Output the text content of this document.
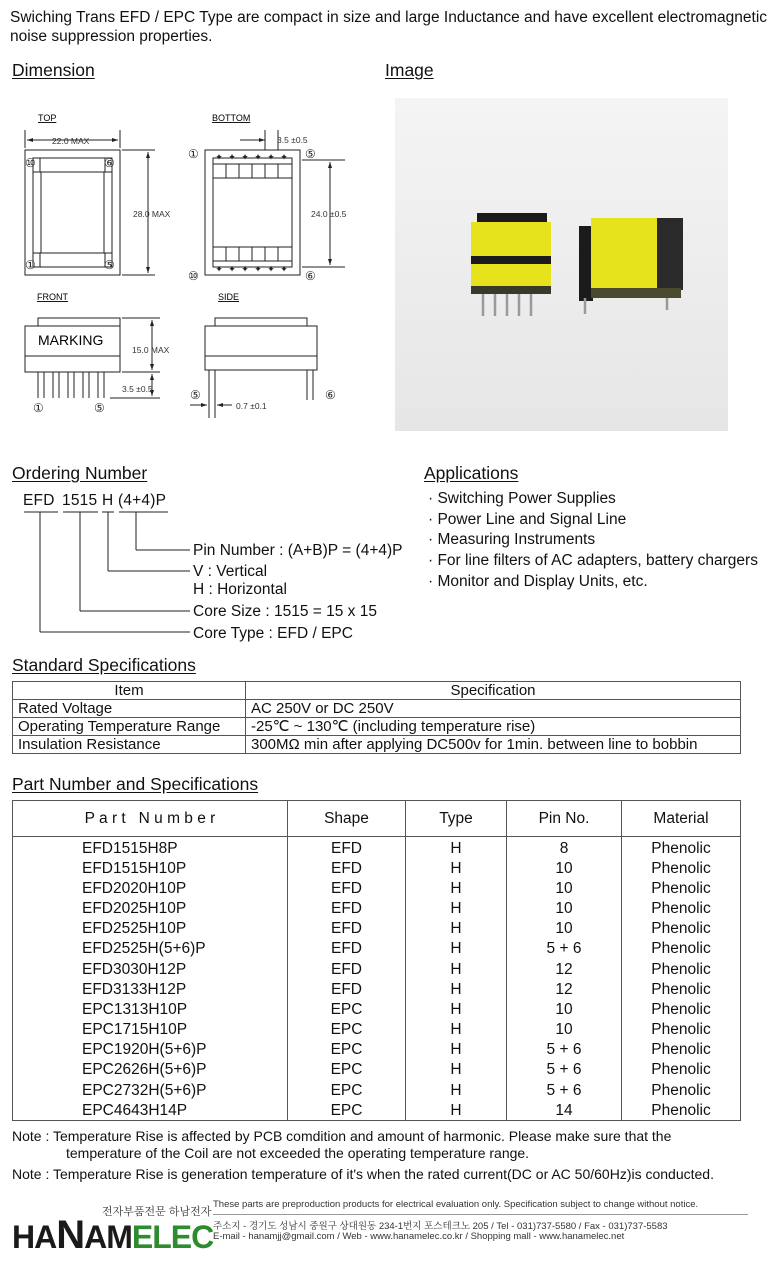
Swiching Trans EFD / EPC Type are compact in size and large Inductance and have excellent electromagnetic noise suppression properties.
Dimension	Image
✦ ✦ ✦ ✦ ✦ ✦
✦ ✦ ✦ ✦ ✦ ✦
TOP	BOTTOM
FRONT	SIDE
MARKING
22.0 MAX
28.0 MAX
3.5 ±0.5
24.0 ±0.5
15.0 MAX
3.5 ±0.5
0.7 ±0.1
⑩	⑥
①	⑤
①	⑤
⑩	⑥
①	⑤
⑤	⑥
Ordering Number
EFD 1515 H (4+4)P
Pin Number : (A+B)P = (4+4)P
V : Vertical
H : Horizontal
Core Size : 1515 = 15 x 15
Core Type : EFD / EPC
Applications
· Switching Power Supplies
· Power Line and Signal Line
· Measuring Instruments
· For line filters of AC adapters, battery chargers
· Monitor and Display Units, etc.
Standard Specifications
Item	Specification
Rated Voltage	AC 250V or DC 250V
Operating Temperature Range	-25℃ ~ 130℃ (including temperature rise)
Insulation Resistance	300MΩ min after applying DC500v for 1min. between line to bobbin
Part Number and Specifications
P a r t   N u m b e r	Shape	Type	Pin No.	Material
EFD1515H8P	EFD	H	8	Phenolic
EFD1515H10P	EFD	H	10	Phenolic
EFD2020H10P	EFD	H	10	Phenolic
EFD2025H10P	EFD	H	10	Phenolic
EFD2525H10P	EFD	H	10	Phenolic
EFD2525H(5+6)P	EFD	H	5 + 6	Phenolic
EFD3030H12P	EFD	H	12	Phenolic
EFD3133H12P	EFD	H	12	Phenolic
EPC1313H10P	EPC	H	10	Phenolic
EPC1715H10P	EPC	H	10	Phenolic
EPC1920H(5+6)P	EPC	H	5 + 6	Phenolic
EPC2626H(5+6)P	EPC	H	5 + 6	Phenolic
EPC2732H(5+6)P	EPC	H	5 + 6	Phenolic
EPC4643H14P	EPC	H	14	Phenolic
Note : Temperature Rise is affected by PCB comdition and amount of harmonic. Please make sure that the
temperature of the Coil are not exceeded the operating temperature range.
Note : Temperature Rise is generation temperature of it's when the rated current(DC or AC 50/60Hz)is conducted.
전자부품전문 하남전자
HANAMELEC
These parts are preproduction products for electrical evaluation only. Specification subject to change without notice.
주소지 - 경기도 성남시 중원구 상대원동 234-1번지 포스테크노 205 / Tel - 031)737-5580 / Fax - 031)737-5583
E-mail - hanamjj@gmail.com / Web - www.hanamelec.co.kr / Shopping mall - www.hanamelec.net
